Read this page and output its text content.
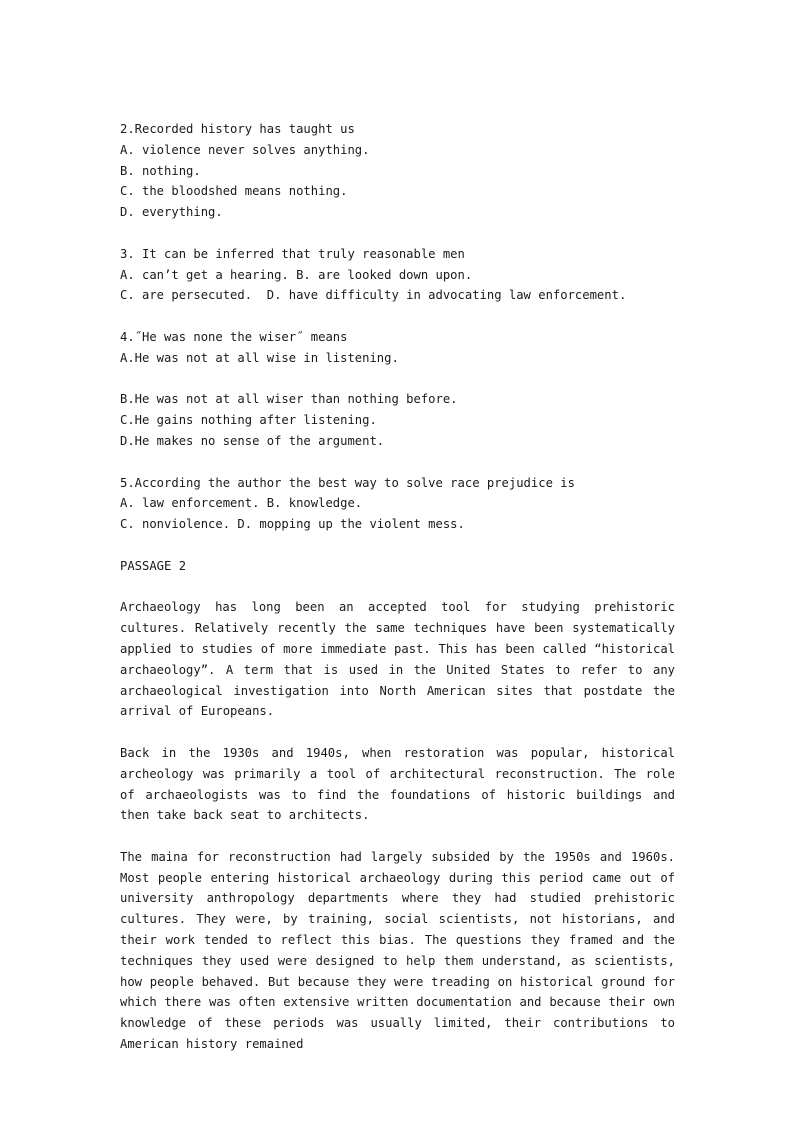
2.Recorded history has taught us
A. violence never solves anything.
B. nothing.
C. the bloodshed means nothing.
D. everything.
3. It can be inferred that truly reasonable men
A. can’t get a hearing. B. are looked down upon.
C. are persecuted.  D. have difficulty in advocating law enforcement.
4.˝He was none the wiser˝ means
A.He was not at all wise in listening.
B.He was not at all wiser than nothing before.
C.He gains nothing after listening.
D.He makes no sense of the argument.
5.According the author the best way to solve race prejudice is
A. law enforcement. B. knowledge.
C. nonviolence. D. mopping up the violent mess.
PASSAGE 2

Archaeology has long been an accepted tool for studying prehistoric cultures. Relatively recently the same techniques have been systematically applied to studies of more immediate past. This has been called “historical archaeology”. A term that is used in the United States to refer to any archaeological investigation into North American sites that postdate the arrival of Europeans.

Back in the 1930s and 1940s, when restoration was popular, historical archeology was primarily a tool of architectural reconstruction. The role of archaeologists was to find the foundations of historic buildings and then take back seat to architects.

The maina for reconstruction had largely subsided by the 1950s and 1960s. Most people entering historical archaeology during this period came out of university anthropology departments where they had studied prehistoric cultures. They were, by training, social scientists, not historians, and their work tended to reflect this bias. The questions they framed and the techniques they used were designed to help them understand, as scientists, how people behaved. But because they were treading on historical ground for which there was often extensive written documentation and because their own knowledge of these periods was usually limited, their contributions to American history remained
